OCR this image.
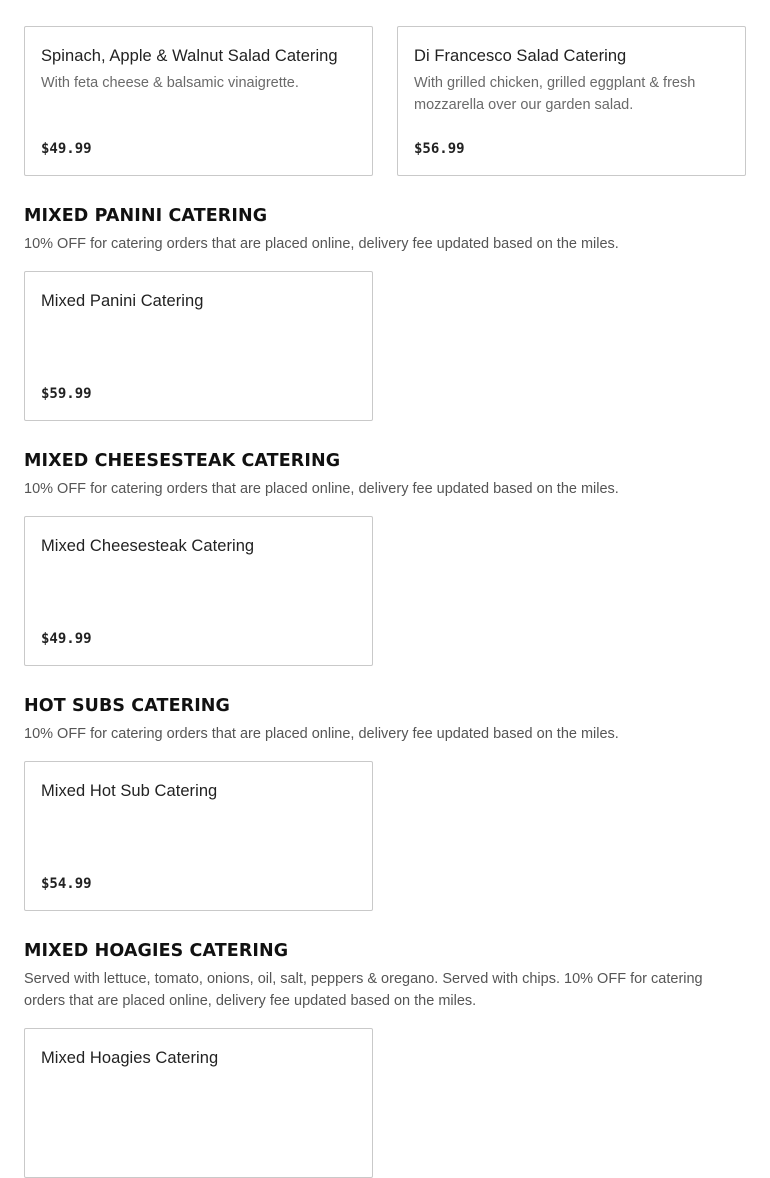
Spinach, Apple & Walnut Salad Catering
With feta cheese & balsamic vinaigrette.
$49.99
Di Francesco Salad Catering
With grilled chicken, grilled eggplant & fresh mozzarella over our garden salad.
$56.99
MIXED PANINI CATERING
10% OFF for catering orders that are placed online, delivery fee updated based on the miles.
Mixed Panini Catering
$59.99
MIXED CHEESESTEAK CATERING
10% OFF for catering orders that are placed online, delivery fee updated based on the miles.
Mixed Cheesesteak Catering
$49.99
HOT SUBS CATERING
10% OFF for catering orders that are placed online, delivery fee updated based on the miles.
Mixed Hot Sub Catering
$54.99
MIXED HOAGIES CATERING
Served with lettuce, tomato, onions, oil, salt, peppers & oregano. Served with chips. 10% OFF for catering orders that are placed online, delivery fee updated based on the miles.
Mixed Hoagies Catering
